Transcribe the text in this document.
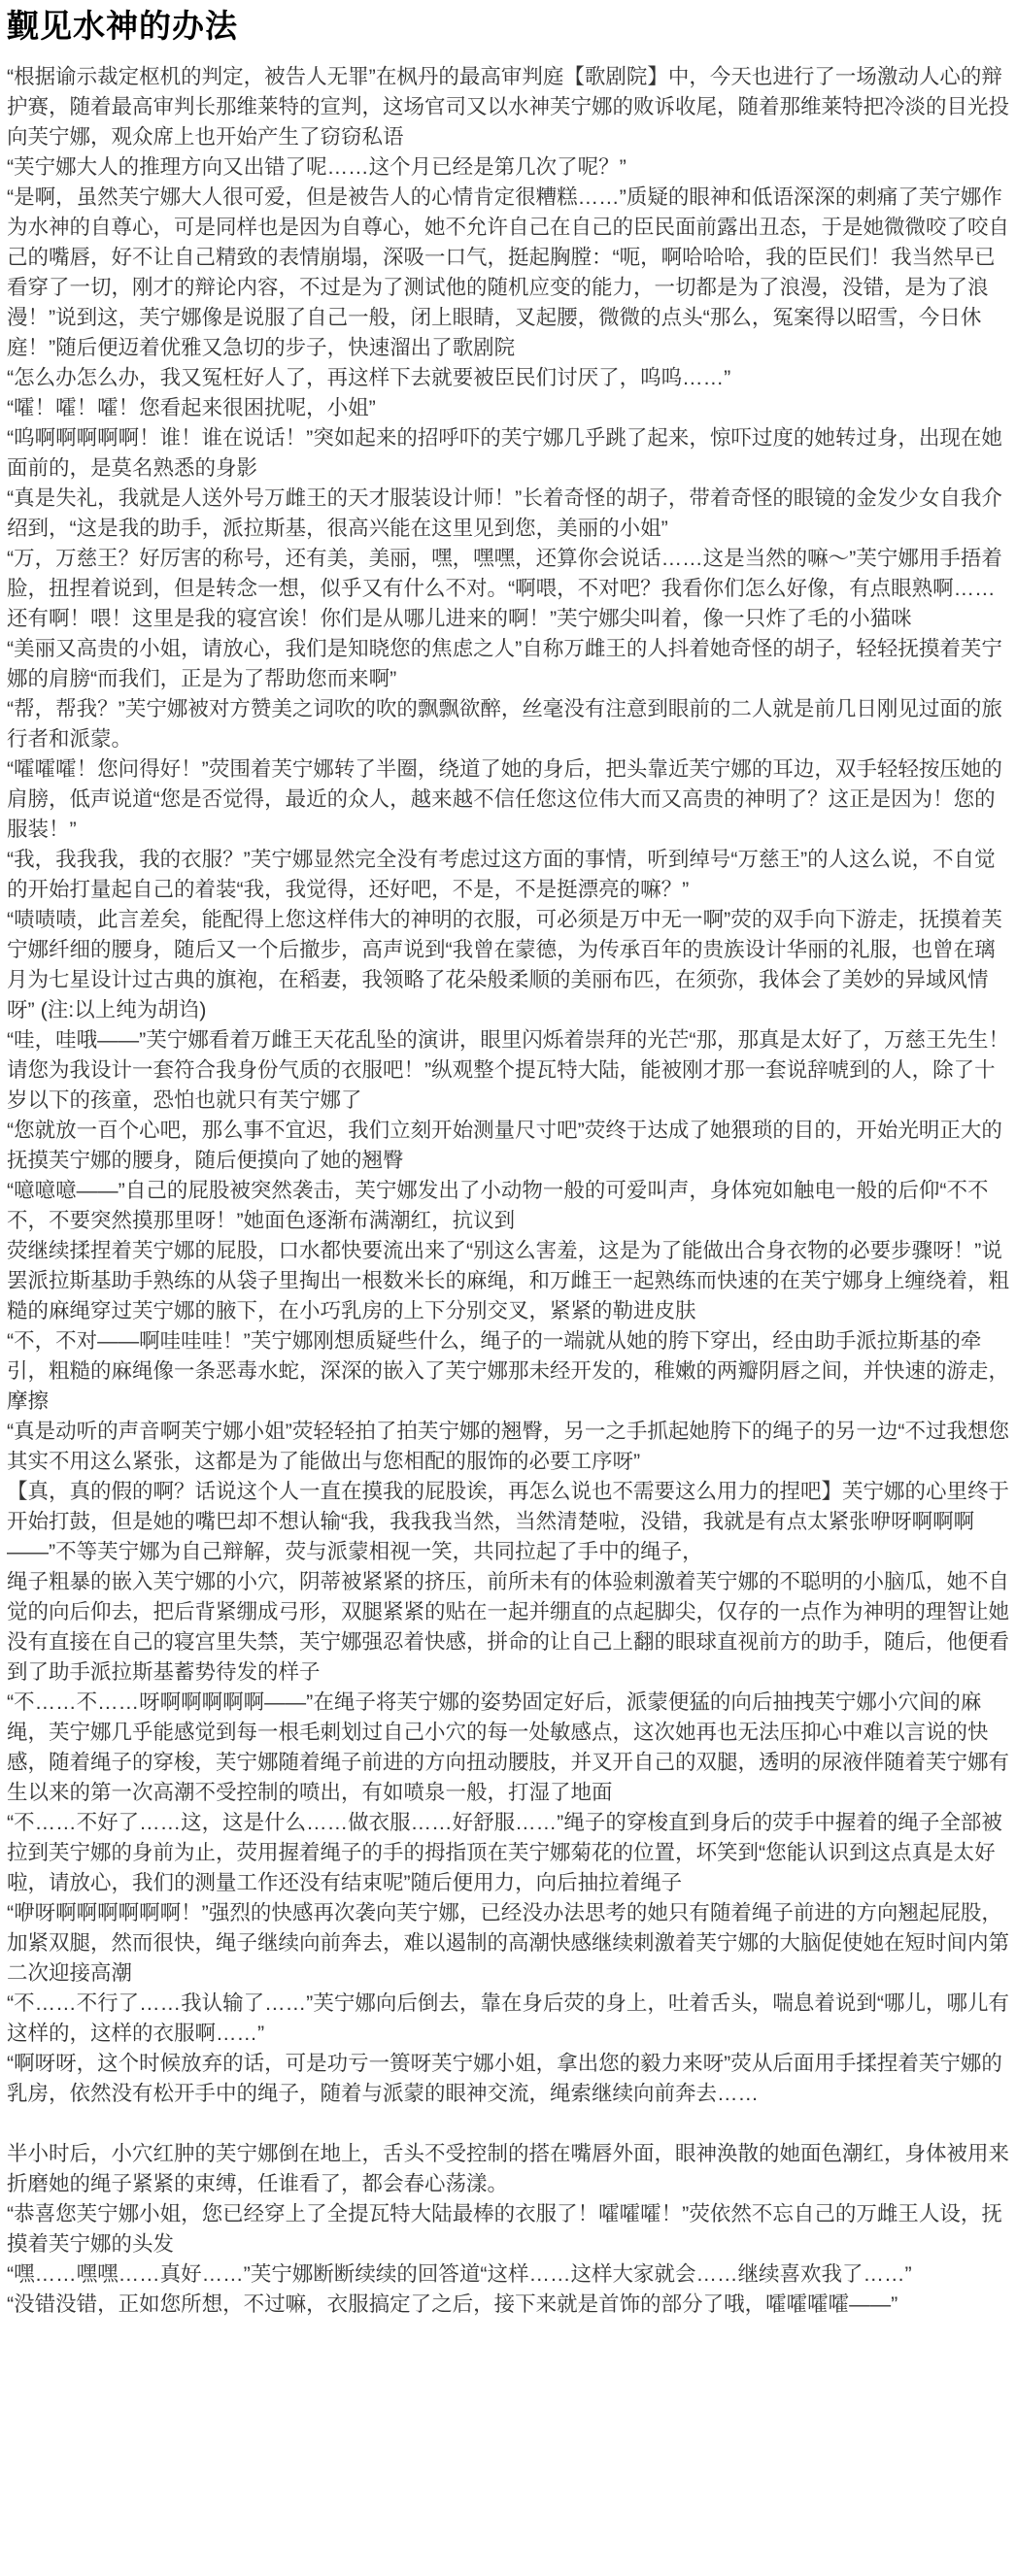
觐见水神的办法

“根据谕示裁定枢机的判定，被告人无罪”在枫丹的最高审判庭【歌剧院】中，今天也进行了一场激动人心的辩护赛，随着最高审判长那维莱特的宣判，这场官司又以水神芙宁娜的败诉收尾，随着那维莱特把冷淡的目光投向芙宁娜，观众席上也开始产生了窃窃私语

“芙宁娜大人的推理方向又出错了呢……这个月已经是第几次了呢？”

“是啊，虽然芙宁娜大人很可爱，但是被告人的心情肯定很糟糕……”质疑的眼神和低语深深的刺痛了芙宁娜作为水神的自尊心，可是同样也是因为自尊心，她不允许自己在自己的臣民面前露出丑态，于是她微微咬了咬自己的嘴唇，好不让自己精致的表情崩塌，深吸一口气，挺起胸膛：“呃，啊哈哈哈，我的臣民们！我当然早已看穿了一切，刚才的辩论内容，不过是为了测试他的随机应变的能力，一切都是为了浪漫，没错，是为了浪漫！”说到这，芙宁娜像是说服了自己一般，闭上眼睛，叉起腰，微微的点头“那么，冤案得以昭雪，今日休庭！”随后便迈着优雅又急切的步子，快速溜出了歌剧院

“怎么办怎么办，我又冤枉好人了，再这样下去就要被臣民们讨厌了，呜呜……”

“嚯！嚯！嚯！您看起来很困扰呢，小姐”

“呜啊啊啊啊啊！谁！谁在说话！”突如起来的招呼吓的芙宁娜几乎跳了起来，惊吓过度的她转过身，出现在她面前的，是莫名熟悉的身影

“真是失礼，我就是人送外号万雌王的天才服装设计师！”长着奇怪的胡子，带着奇怪的眼镜的金发少女自我介绍到，“这是我的助手，派拉斯基，很高兴能在这里见到您，美丽的小姐”

“万，万慈王？好厉害的称号，还有美，美丽，嘿，嘿嘿，还算你会说话……这是当然的嘛～”芙宁娜用手捂着脸，扭捏着说到，但是转念一想，似乎又有什么不对。“啊喂，不对吧？我看你们怎么好像，有点眼熟啊……还有啊！喂！这里是我的寝宫诶！你们是从哪儿进来的啊！”芙宁娜尖叫着，像一只炸了毛的小猫咪

“美丽又高贵的小姐，请放心，我们是知晓您的焦虑之人”自称万雌王的人抖着她奇怪的胡子，轻轻抚摸着芙宁娜的肩膀“而我们，正是为了帮助您而来啊”

“帮，帮我？”芙宁娜被对方赞美之词吹的吹的飘飘欲醉，丝毫没有注意到眼前的二人就是前几日刚见过面的旅行者和派蒙。

“嚯嚯嚯！您问得好！”荧围着芙宁娜转了半圈，绕道了她的身后，把头靠近芙宁娜的耳边，双手轻轻按压她的肩膀，低声说道“您是否觉得，最近的众人，越来越不信任您这位伟大而又高贵的神明了？这正是因为！您的服装！”

“我，我我我，我的衣服？”芙宁娜显然完全没有考虑过这方面的事情，听到绰号“万慈王”的人这么说，不自觉的开始打量起自己的着装“我，我觉得，还好吧，不是，不是挺漂亮的嘛？”

“啧啧啧，此言差矣，能配得上您这样伟大的神明的衣服，可必须是万中无一啊”荧的双手向下游走，抚摸着芙宁娜纤细的腰身，随后又一个后撤步，高声说到“我曾在蒙德，为传承百年的贵族设计华丽的礼服，也曾在璃月为七星设计过古典的旗袍，在稻妻，我领略了花朵般柔顺的美丽布匹，在须弥，我体会了美妙的异域风情呀” (注:以上纯为胡诌)

“哇，哇哦——”芙宁娜看着万雌王天花乱坠的演讲，眼里闪烁着崇拜的光芒“那，那真是太好了，万慈王先生！请您为我设计一套符合我身份气质的衣服吧！”纵观整个提瓦特大陆，能被刚才那一套说辞唬到的人，除了十岁以下的孩童，恐怕也就只有芙宁娜了

“您就放一百个心吧，那么事不宜迟，我们立刻开始测量尺寸吧”荧终于达成了她猥琐的目的，开始光明正大的抚摸芙宁娜的腰身，随后便摸向了她的翘臀

“噫噫噫——”自己的屁股被突然袭击，芙宁娜发出了小动物一般的可爱叫声，身体宛如触电一般的后仰“不不不，不要突然摸那里呀！”她面色逐渐布满潮红，抗议到

荧继续揉捏着芙宁娜的屁股，口水都快要流出来了“别这么害羞，这是为了能做出合身衣物的必要步骤呀！”说罢派拉斯基助手熟练的从袋子里掏出一根数米长的麻绳，和万雌王一起熟练而快速的在芙宁娜身上缠绕着，粗糙的麻绳穿过芙宁娜的腋下，在小巧乳房的上下分别交叉，紧紧的勒进皮肤

“不，不对——啊哇哇哇！”芙宁娜刚想质疑些什么，绳子的一端就从她的胯下穿出，经由助手派拉斯基的牵引，粗糙的麻绳像一条恶毒水蛇，深深的嵌入了芙宁娜那未经开发的，稚嫩的两瓣阴唇之间，并快速的游走，摩擦

“真是动听的声音啊芙宁娜小姐”荧轻轻拍了拍芙宁娜的翘臀，另一之手抓起她胯下的绳子的另一边“不过我想您其实不用这么紧张，这都是为了能做出与您相配的服饰的必要工序呀”

【真，真的假的啊？话说这个人一直在摸我的屁股诶，再怎么说也不需要这么用力的捏吧】芙宁娜的心里终于开始打鼓，但是她的嘴巴却不想认输“我，我我我当然，当然清楚啦，没错，我就是有点太紧张咿呀啊啊啊——”不等芙宁娜为自己辩解，荧与派蒙相视一笑，共同拉起了手中的绳子，

绳子粗暴的嵌入芙宁娜的小穴，阴蒂被紧紧的挤压，前所未有的体验刺激着芙宁娜的不聪明的小脑瓜，她不自觉的向后仰去，把后背紧绷成弓形，双腿紧紧的贴在一起并绷直的点起脚尖，仅存的一点作为神明的理智让她没有直接在自己的寝宫里失禁，芙宁娜强忍着快感，拼命的让自己上翻的眼球直视前方的助手，随后，他便看到了助手派拉斯基蓄势待发的样子

“不……不……呀啊啊啊啊啊——”在绳子将芙宁娜的姿势固定好后，派蒙便猛的向后抽拽芙宁娜小穴间的麻绳，芙宁娜几乎能感觉到每一根毛刺划过自己小穴的每一处敏感点，这次她再也无法压抑心中难以言说的快感，随着绳子的穿梭，芙宁娜随着绳子前进的方向扭动腰肢，并叉开自己的双腿，透明的尿液伴随着芙宁娜有生以来的第一次高潮不受控制的喷出，有如喷泉一般，打湿了地面

“不……不好了……这，这是什么……做衣服……好舒服……”绳子的穿梭直到身后的荧手中握着的绳子全部被拉到芙宁娜的身前为止，荧用握着绳子的手的拇指顶在芙宁娜菊花的位置，坏笑到“您能认识到这点真是太好啦，请放心，我们的测量工作还没有结束呢”随后便用力，向后抽拉着绳子

“咿呀啊啊啊啊啊啊！”强烈的快感再次袭向芙宁娜，已经没办法思考的她只有随着绳子前进的方向翘起屁股，加紧双腿，然而很快，绳子继续向前奔去，难以遏制的高潮快感继续刺激着芙宁娜的大脑促使她在短时间内第二次迎接高潮

“不……不行了……我认输了……”芙宁娜向后倒去，靠在身后荧的身上，吐着舌头，喘息着说到“哪儿，哪儿有这样的，这样的衣服啊……”

“啊呀呀，这个时候放弃的话，可是功亏一篑呀芙宁娜小姐，拿出您的毅力来呀”荧从后面用手揉捏着芙宁娜的乳房，依然没有松开手中的绳子，随着与派蒙的眼神交流，绳索继续向前奔去……

半小时后，小穴红肿的芙宁娜倒在地上，舌头不受控制的搭在嘴唇外面，眼神涣散的她面色潮红，身体被用来折磨她的绳子紧紧的束缚，任谁看了，都会春心荡漾。

“恭喜您芙宁娜小姐，您已经穿上了全提瓦特大陆最棒的衣服了！嚯嚯嚯！”荧依然不忘自己的万雌王人设，抚摸着芙宁娜的头发

“嘿……嘿嘿……真好……”芙宁娜断断续续的回答道“这样……这样大家就会……继续喜欢我了……”

“没错没错，正如您所想，不过嘛，衣服搞定了之后，接下来就是首饰的部分了哦，嚯嚯嚯嚯——”
